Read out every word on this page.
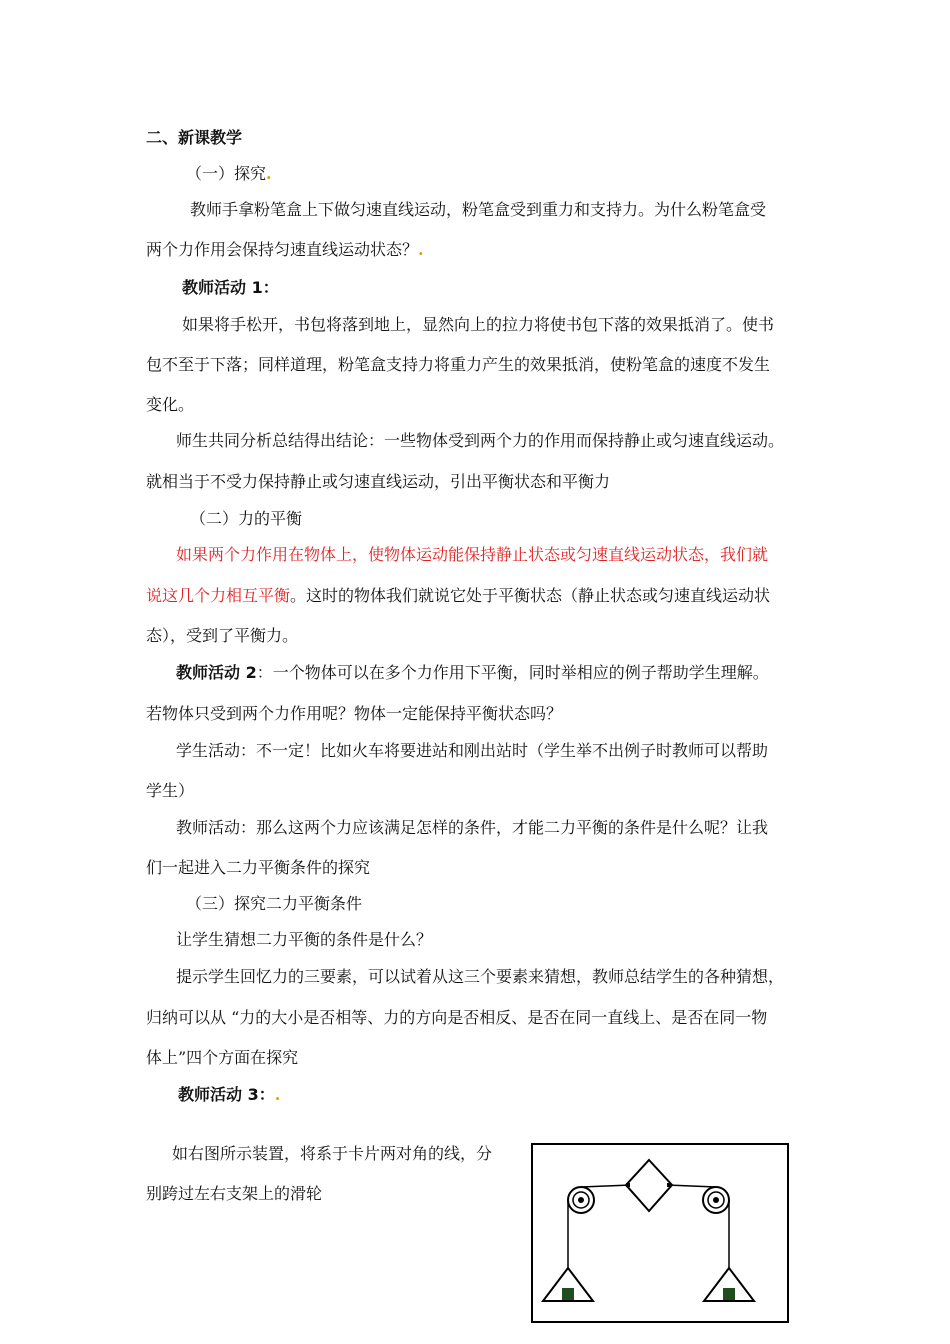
二、新课教学
（一）探究.
教师手拿粉笔盒上下做匀速直线运动，粉笔盒受到重力和支持力。为什么粉笔盒受
两个力作用会保持匀速直线运动状态？.
教师活动 1：
如果将手松开，书包将落到地上，显然向上的拉力将使书包下落的效果抵消了。使书
包不至于下落；同样道理，粉笔盒支持力将重力产生的效果抵消，使粉笔盒的速度不发生
变化。
师生共同分析总结得出结论：一些物体受到两个力的作用而保持静止或匀速直线运动。
就相当于不受力保持静止或匀速直线运动，引出平衡状态和平衡力
（二）力的平衡
如果两个力作用在物体上，使物体运动能保持静止状态或匀速直线运动状态，我们就
说这几个力相互平衡。这时的物体我们就说它处于平衡状态（静止状态或匀速直线运动状
态），受到了平衡力。
教师活动 2：一个物体可以在多个力作用下平衡，同时举相应的例子帮助学生理解。
若物体只受到两个力作用呢？物体一定能保持平衡状态吗？
学生活动：不一定！比如火车将要进站和刚出站时（学生举不出例子时教师可以帮助
学生）
教师活动：那么这两个力应该满足怎样的条件，才能二力平衡的条件是什么呢？让我
们一起进入二力平衡条件的探究
（三）探究二力平衡条件
让学生猜想二力平衡的条件是什么？
提示学生回忆力的三要素，可以试着从这三个要素来猜想，教师总结学生的各种猜想，
归纳可以从 “力的大小是否相等、力的方向是否相反、是否在同一直线上、是否在同一物
体上”四个方面在探究
教师活动 3：.
如右图所示装置，将系于卡片两对角的线，分
别跨过左右支架上的滑轮
